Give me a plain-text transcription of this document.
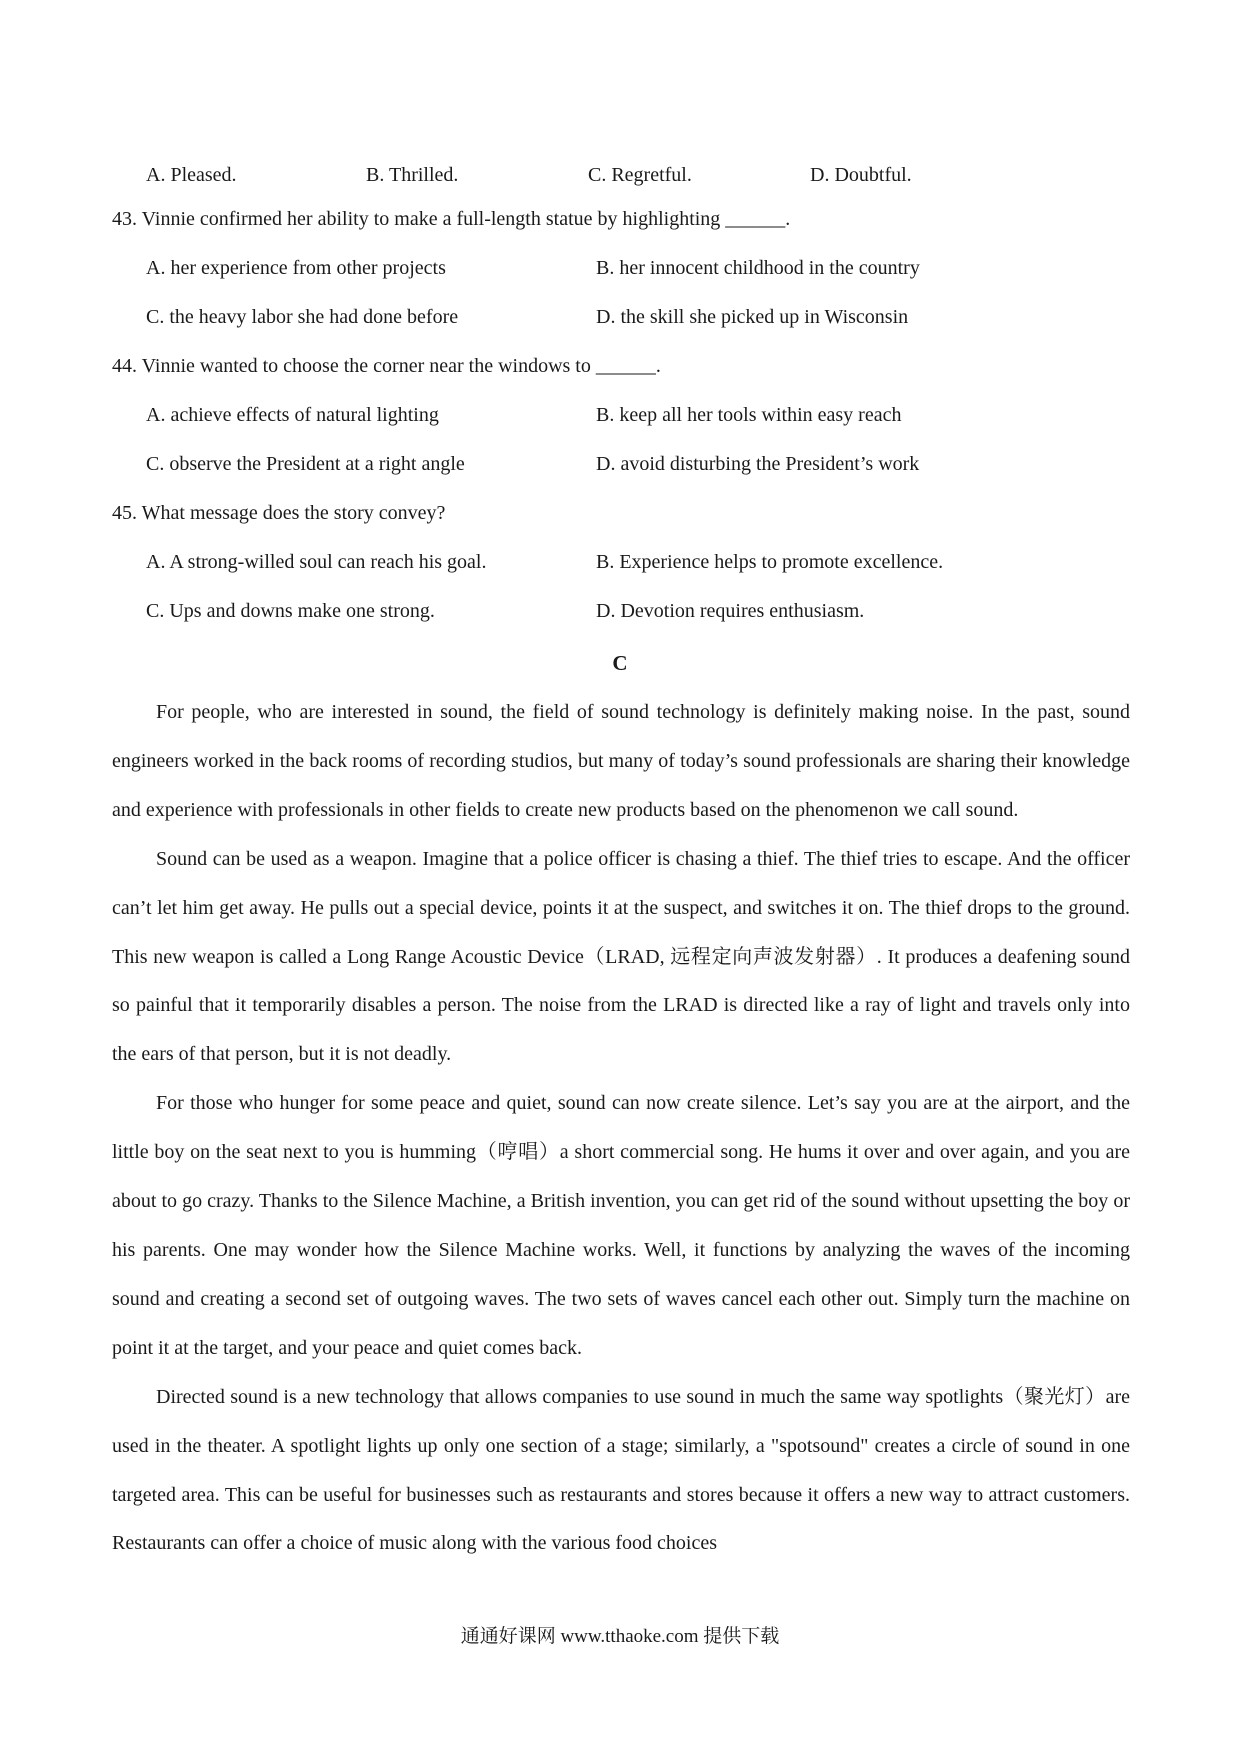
A. Pleased.	B. Thrilled.	C. Regretful.	D. Doubtful.
43. Vinnie confirmed her ability to make a full-length statue by highlighting ______.
A. her experience from other projects	B. her innocent childhood in the country
C. the heavy labor she had done before	D. the skill she picked up in Wisconsin
44. Vinnie wanted to choose the corner near the windows to ______.
A. achieve effects of natural lighting	B. keep all her tools within easy reach
C. observe the President at a right angle	D. avoid disturbing the President’s work
45. What message does the story convey?
A. A strong-willed soul can reach his goal.	B. Experience helps to promote excellence.
C. Ups and downs make one strong.	D. Devotion requires enthusiasm.
C

For people, who are interested in sound, the field of sound technology is definitely making noise. In the past, sound engineers worked in the back rooms of recording studios, but many of today’s sound professionals are sharing their knowledge and experience with professionals in other fields to create new products based on the phenomenon we call sound.

Sound can be used as a weapon. Imagine that a police officer is chasing a thief. The thief tries to escape. And the officer can’t let him get away. He pulls out a special device, points it at the suspect, and switches it on. The thief drops to the ground. This new weapon is called a Long Range Acoustic Device（LRAD, 远程定向声波发射器）. It produces a deafening sound so painful that it temporarily disables a person. The noise from the LRAD is directed like a ray of light and travels only into the ears of that person, but it is not deadly.

For those who hunger for some peace and quiet, sound can now create silence. Let’s say you are at the airport, and the little boy on the seat next to you is humming（哼唱）a short commercial song. He hums it over and over again, and you are about to go crazy. Thanks to the Silence Machine, a British invention, you can get rid of the sound without upsetting the boy or his parents. One may wonder how the Silence Machine works. Well, it functions by analyzing the waves of the incoming sound and creating a second set of outgoing waves. The two sets of waves cancel each other out. Simply turn the machine on point it at the target, and your peace and quiet comes back.

Directed sound is a new technology that allows companies to use sound in much the same way spotlights（聚光灯）are used in the theater. A spotlight lights up only one section of a stage; similarly, a "spotsound" creates a circle of sound in one targeted area. This can be useful for businesses such as restaurants and stores because it offers a new way to attract customers. Restaurants can offer a choice of music along with the various food choices

通通好课网 www.tthaoke.com 提供下载
